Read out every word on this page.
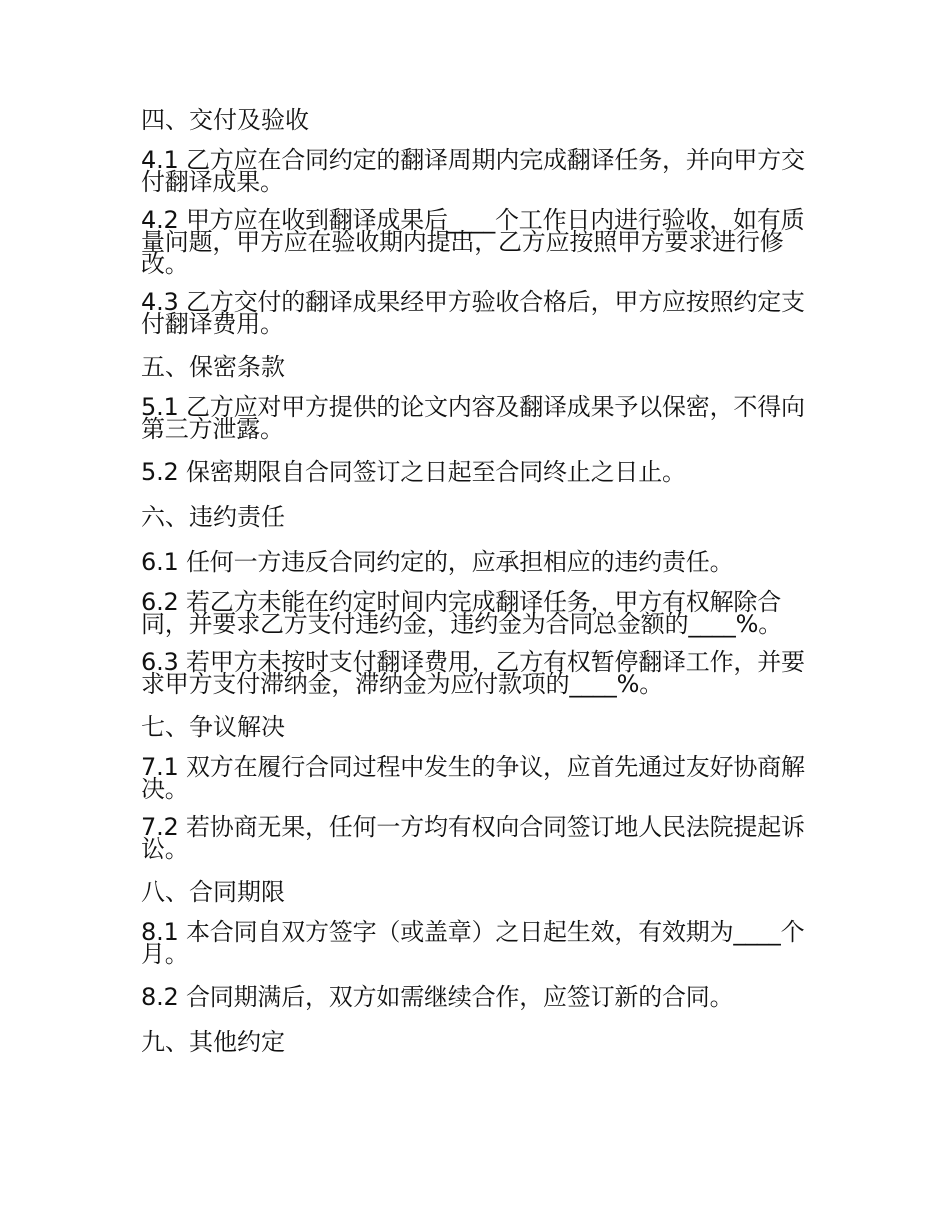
四、交付及验收
4.1 乙方应在合同约定的翻译周期内完成翻译任务，并向甲方交付翻译成果。
4.2 甲方应在收到翻译成果后____个工作日内进行验收，如有质量问题，甲方应在验收期内提出，乙方应按照甲方要求进行修改。
4.3 乙方交付的翻译成果经甲方验收合格后，甲方应按照约定支付翻译费用。
五、保密条款
5.1 乙方应对甲方提供的论文内容及翻译成果予以保密，不得向第三方泄露。
5.2 保密期限自合同签订之日起至合同终止之日止。
六、违约责任
6.1 任何一方违反合同约定的，应承担相应的违约责任。
6.2 若乙方未能在约定时间内完成翻译任务，甲方有权解除合同，并要求乙方支付违约金，违约金为合同总金额的____%。
6.3 若甲方未按时支付翻译费用，乙方有权暂停翻译工作，并要求甲方支付滞纳金，滞纳金为应付款项的____%。
七、争议解决
7.1 双方在履行合同过程中发生的争议，应首先通过友好协商解决。
7.2 若协商无果，任何一方均有权向合同签订地人民法院提起诉讼。
八、合同期限
8.1 本合同自双方签字（或盖章）之日起生效，有效期为____个月。
8.2 合同期满后，双方如需继续合作，应签订新的合同。
九、其他约定
